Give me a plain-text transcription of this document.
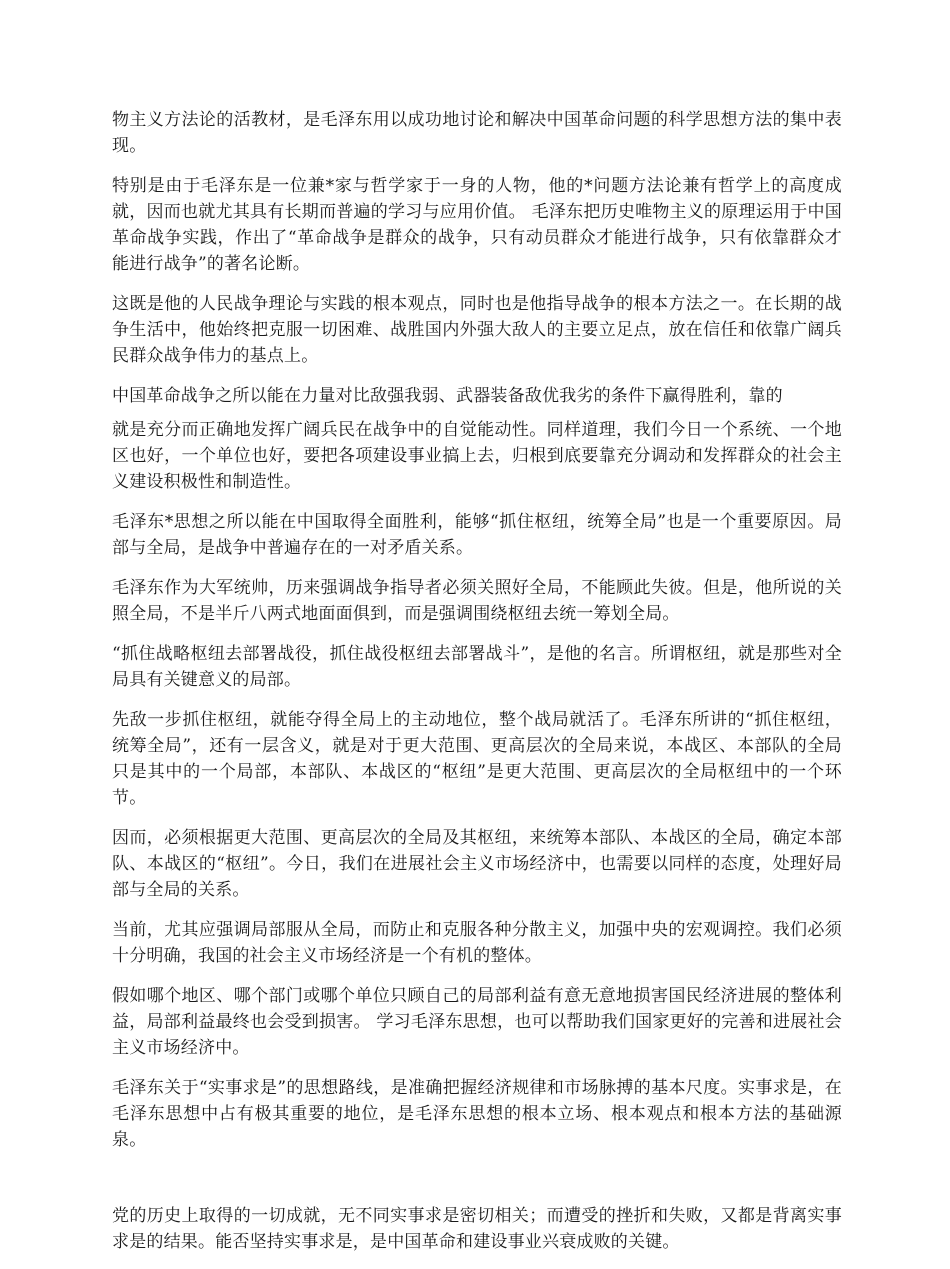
物主义方法论的活教材，是毛泽东用以成功地讨论和解决中国革命问题的科学思想方法的集中表现。

特别是由于毛泽东是一位兼*家与哲学家于一身的人物，他的*问题方法论兼有哲学上的高度成就，因而也就尤其具有长期而普遍的学习与应用价值。 毛泽东把历史唯物主义的原理运用于中国革命战争实践，作出了“革命战争是群众的战争，只有动员群众才能进行战争，只有依靠群众才能进行战争”的著名论断。

这既是他的人民战争理论与实践的根本观点，同时也是他指导战争的根本方法之一。在长期的战争生活中，他始终把克服一切困难、战胜国内外强大敌人的主要立足点，放在信任和依靠广阔兵民群众战争伟力的基点上。

中国革命战争之所以能在力量对比敌强我弱、武器装备敌优我劣的条件下赢得胜利，靠的

就是充分而正确地发挥广阔兵民在战争中的自觉能动性。同样道理，我们今日一个系统、一个地区也好，一个单位也好，要把各项建设事业搞上去，归根到底要靠充分调动和发挥群众的社会主义建设积极性和制造性。

毛泽东*思想之所以能在中国取得全面胜利，能够“抓住枢纽，统筹全局”也是一个重要原因。局部与全局，是战争中普遍存在的一对矛盾关系。

毛泽东作为大军统帅，历来强调战争指导者必须关照好全局，不能顾此失彼。但是，他所说的关照全局，不是半斤八两式地面面俱到，而是强调围绕枢纽去统一筹划全局。

“抓住战略枢纽去部署战役，抓住战役枢纽去部署战斗”，是他的名言。所谓枢纽，就是那些对全局具有关键意义的局部。

先敌一步抓住枢纽，就能夺得全局上的主动地位，整个战局就活了。毛泽东所讲的“抓住枢纽，统筹全局”，还有一层含义，就是对于更大范围、更高层次的全局来说，本战区、本部队的全局只是其中的一个局部，本部队、本战区的“枢纽”是更大范围、更高层次的全局枢纽中的一个环节。

因而，必须根据更大范围、更高层次的全局及其枢纽，来统筹本部队、本战区的全局，确定本部队、本战区的“枢纽”。今日，我们在进展社会主义市场经济中，也需要以同样的态度，处理好局部与全局的关系。

当前，尤其应强调局部服从全局，而防止和克服各种分散主义，加强中央的宏观调控。我们必须十分明确，我国的社会主义市场经济是一个有机的整体。

假如哪个地区、哪个部门或哪个单位只顾自己的局部利益有意无意地损害国民经济进展的整体利益，局部利益最终也会受到损害。 学习毛泽东思想，也可以帮助我们国家更好的完善和进展社会主义市场经济中。

毛泽东关于“实事求是”的思想路线，是准确把握经济规律和市场脉搏的基本尺度。实事求是，在毛泽东思想中占有极其重要的地位，是毛泽东思想的根本立场、根本观点和根本方法的基础源泉。

党的历史上取得的一切成就，无不同实事求是密切相关；而遭受的挫折和失败，又都是背离实事求是的结果。能否坚持实事求是，是中国革命和建设事业兴衰成败的关键。
